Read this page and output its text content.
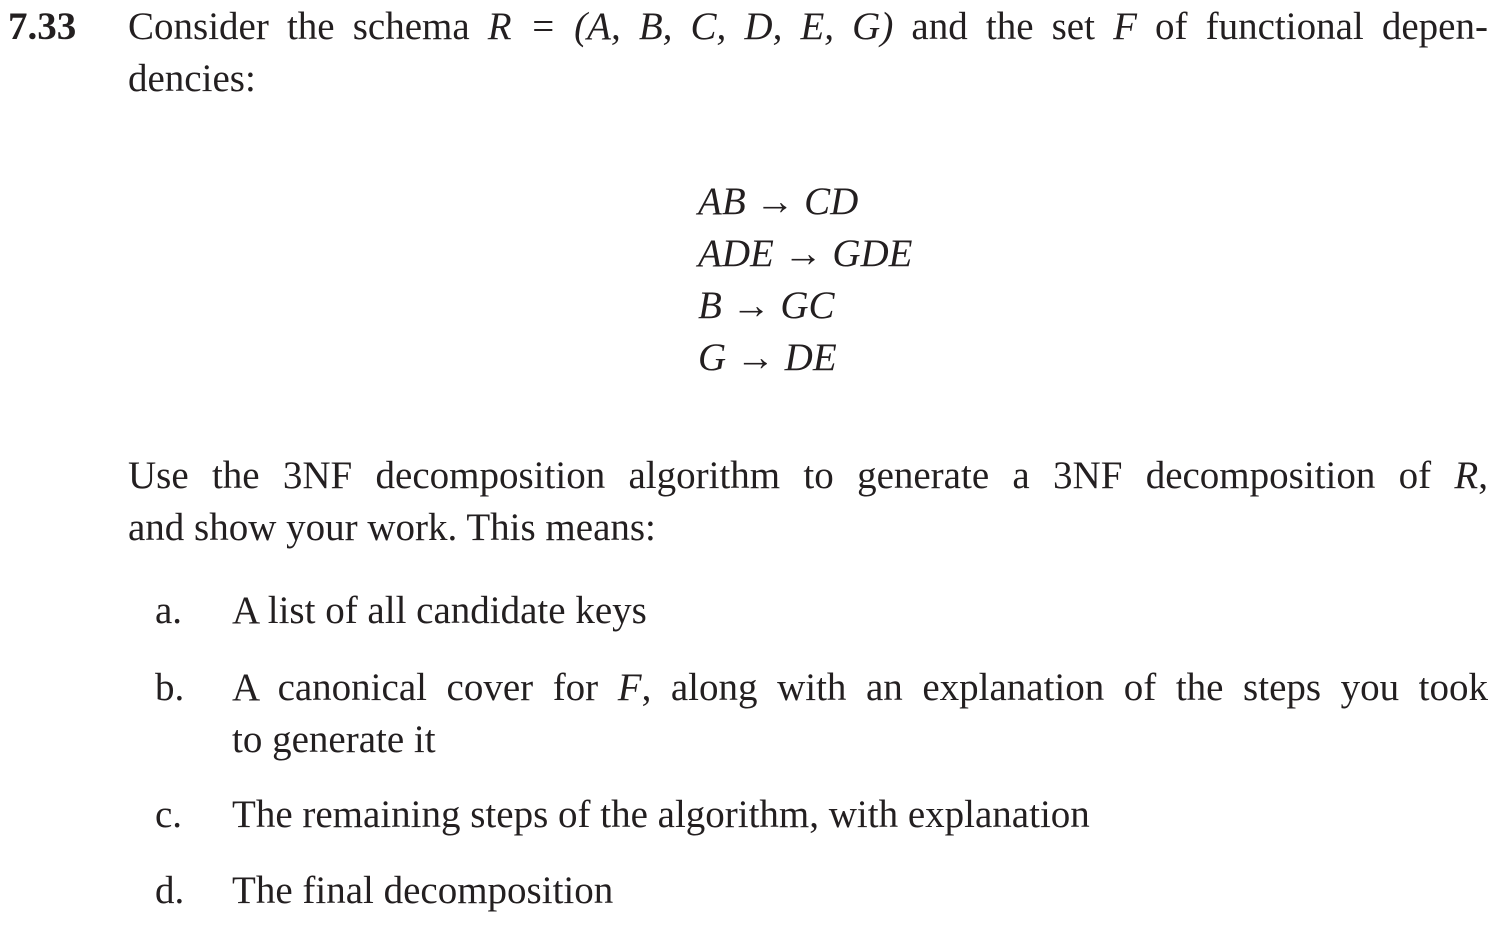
7.33 Consider the schema R = (A, B, C, D, E, G) and the set F of functional depen-
dencies:
AB → CD
ADE → GDE
B → GC
G → DE
Use the 3NF decomposition algorithm to generate a 3NF decomposition of R,
and show your work. This means:
a. A list of all candidate keys
b. A canonical cover for F, along with an explanation of the steps you took
to generate it
c. The remaining steps of the algorithm, with explanation
d. The final decomposition
